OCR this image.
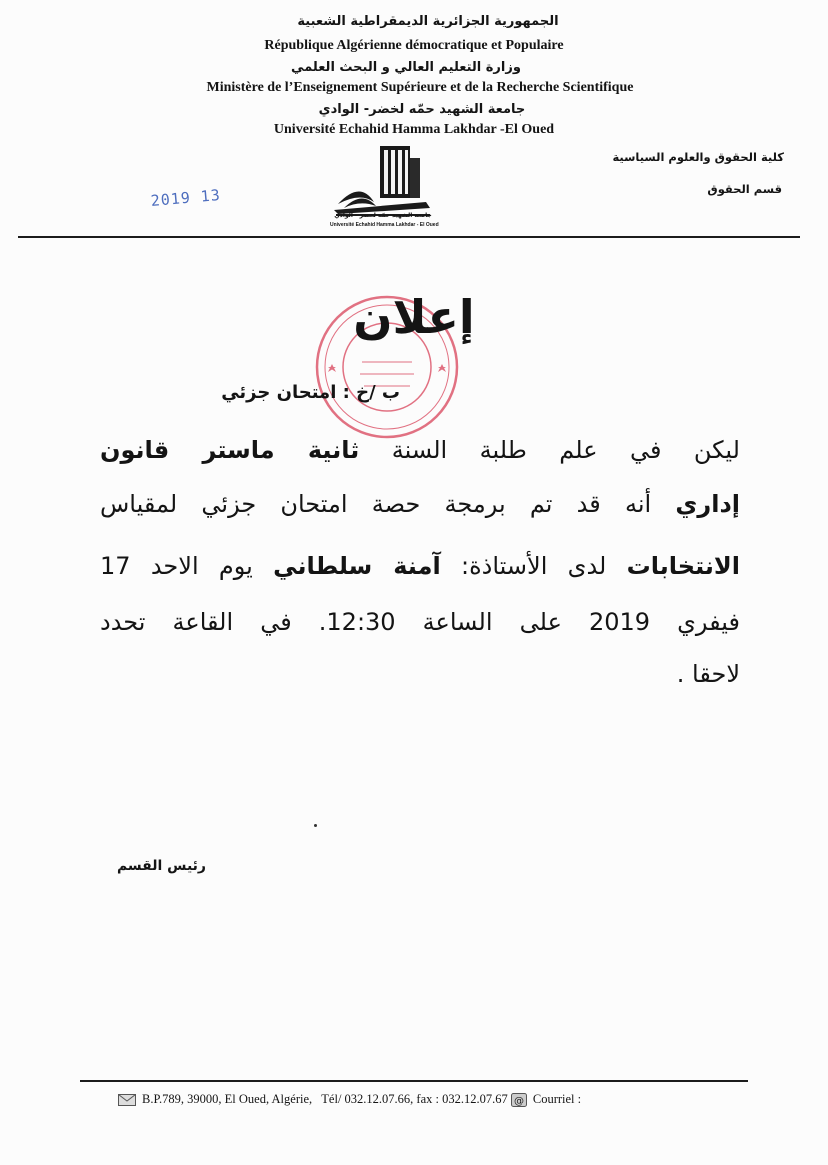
الجمهورية الجزائرية الديمقراطية الشعبية
République Algérienne démocratique et Populaire
وزارة التعليم العالي و البحث العلمي
Ministère de l’Enseignement Supérieure et de la Recherche Scientifique
جامعة الشهيد حمّه لخضر- الوادي
Université Echahid Hamma Lakhdar -El Oued
كلية الحقوق والعلوم السياسية
قسم الحقوق
جامعة الشهيد حمّه لخضر - الوادي
Université Echahid Hamma Lakhdar - El Oued
2019 13
إعلان
ب /خ : امتحان جزئي
ليكن في علم طلبة السنة ثانية ماستر قانون
إداري أنه قد تم برمجة حصة امتحان جزئي لمقياس
الانتخابات لدى الأستاذة: آمنة سلطاني يوم الاحد 17
فيفري 2019 على الساعة 12:30. في القاعة تحدد
لاحقا .
رئيس القسم
B.P.789, 39000, El Oued, Algérie, Tél/ 032.12.07.66, fax : 032.12.07.67 @ Courriel :
